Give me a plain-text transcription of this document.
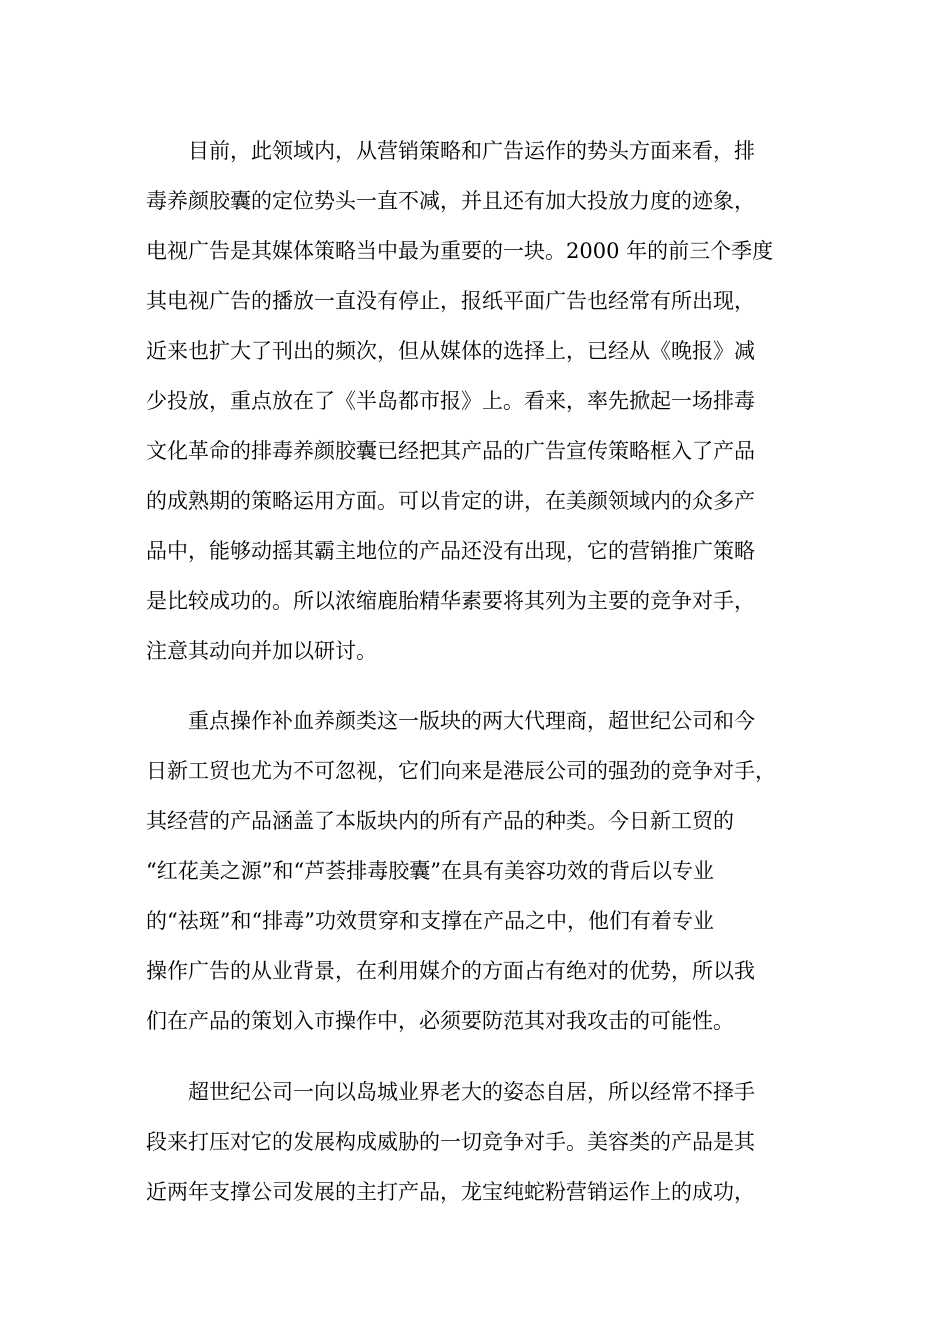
目前，此领域内，从营销策略和广告运作的势头方面来看，排
毒养颜胶囊的定位势头一直不减，并且还有加大投放力度的迹象，
电视广告是其媒体策略当中最为重要的一块。2000 年的前三个季度
其电视广告的播放一直没有停止，报纸平面广告也经常有所出现，
近来也扩大了刊出的频次，但从媒体的选择上，已经从《晚报》减
少投放，重点放在了《半岛都市报》上。看来，率先掀起一场排毒
文化革命的排毒养颜胶囊已经把其产品的广告宣传策略框入了产品
的成熟期的策略运用方面。可以肯定的讲，在美颜领域内的众多产
品中，能够动摇其霸主地位的产品还没有出现，它的营销推广策略
是比较成功的。所以浓缩鹿胎精华素要将其列为主要的竞争对手，
注意其动向并加以研讨。
重点操作补血养颜类这一版块的两大代理商，超世纪公司和今
日新工贸也尤为不可忽视，它们向来是港辰公司的强劲的竞争对手，
其经营的产品涵盖了本版块内的所有产品的种类。今日新工贸的
“红花美之源”和“芦荟排毒胶囊”在具有美容功效的背后以专业
的“祛斑”和“排毒”功效贯穿和支撑在产品之中，他们有着专业
操作广告的从业背景，在利用媒介的方面占有绝对的优势，所以我
们在产品的策划入市操作中，必须要防范其对我攻击的可能性。
超世纪公司一向以岛城业界老大的姿态自居，所以经常不择手
段来打压对它的发展构成威胁的一切竞争对手。美容类的产品是其
近两年支撑公司发展的主打产品，龙宝纯蛇粉营销运作上的成功，
